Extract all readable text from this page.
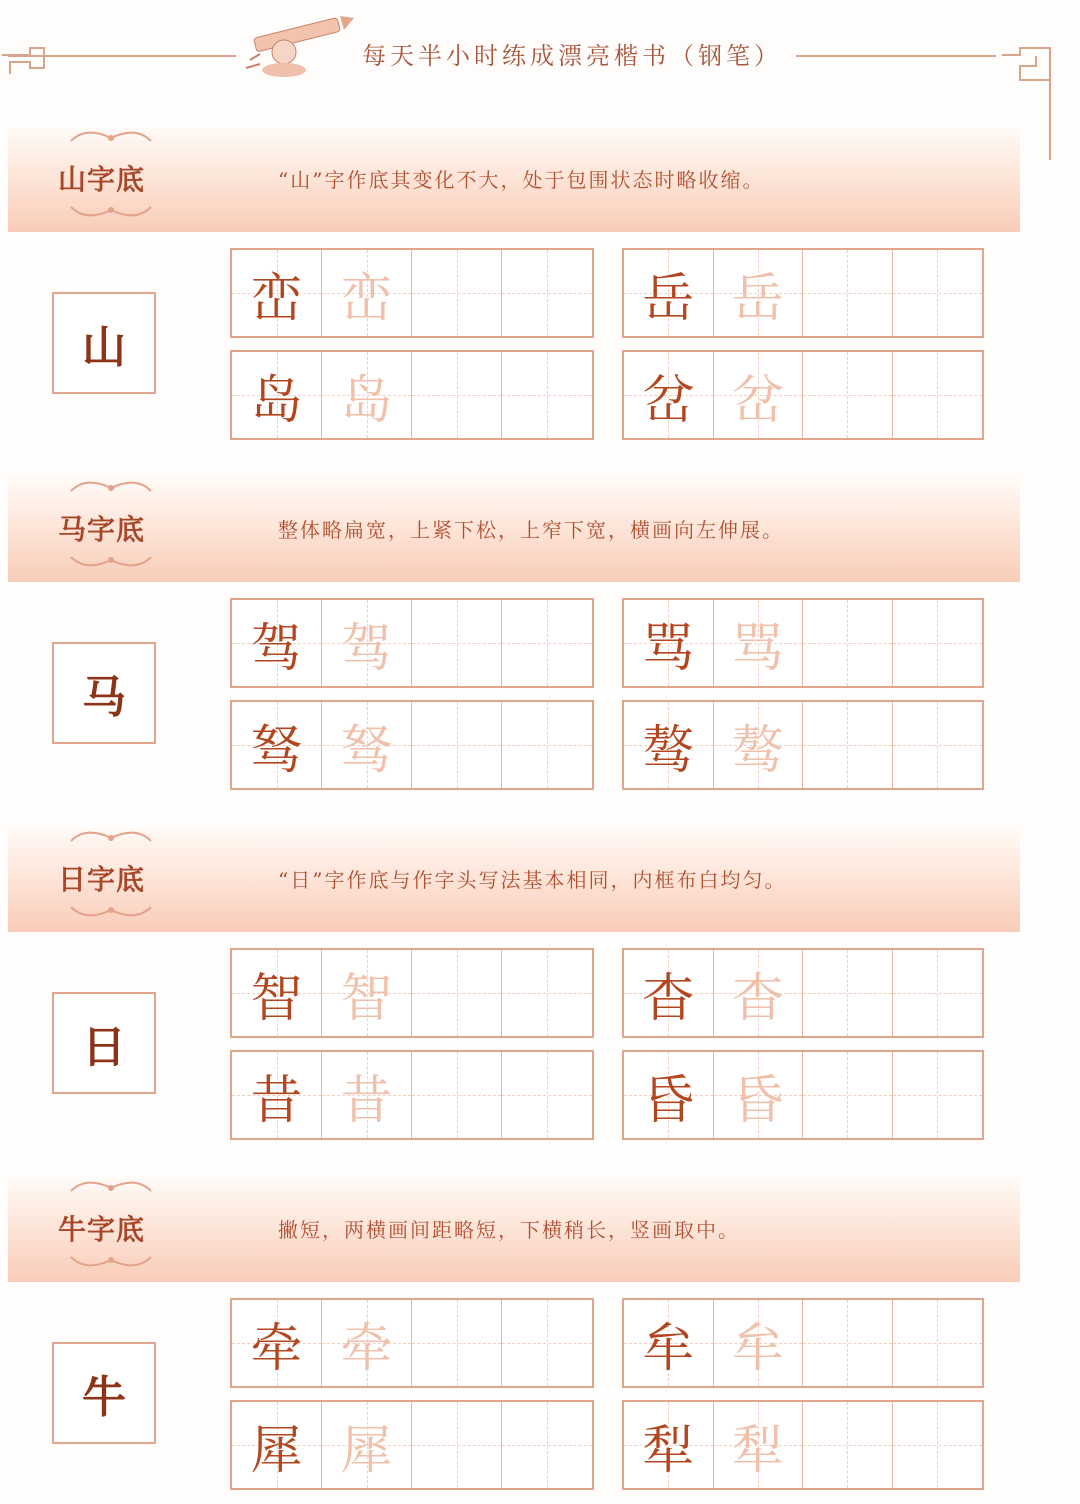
每天半小时练成漂亮楷书（钢笔）
山字底	“山”字作底其变化不大，处于包围状态时略收缩。
山
峦 峦	岳 岳
岛 岛	岔 岔
马字底	整体略扁宽，上紧下松，上窄下宽，横画向左伸展。
马
驾 驾	骂 骂
驽 驽	骜 骜
日字底	“日”字作底与作字头写法基本相同，内框布白均匀。
日
智 智	杳 杳
昔 昔	昏 昏
牛字底	撇短，两横画间距略短，下横稍长，竖画取中。
牛
牵 牵	牟 牟
犀 犀	犁 犁
